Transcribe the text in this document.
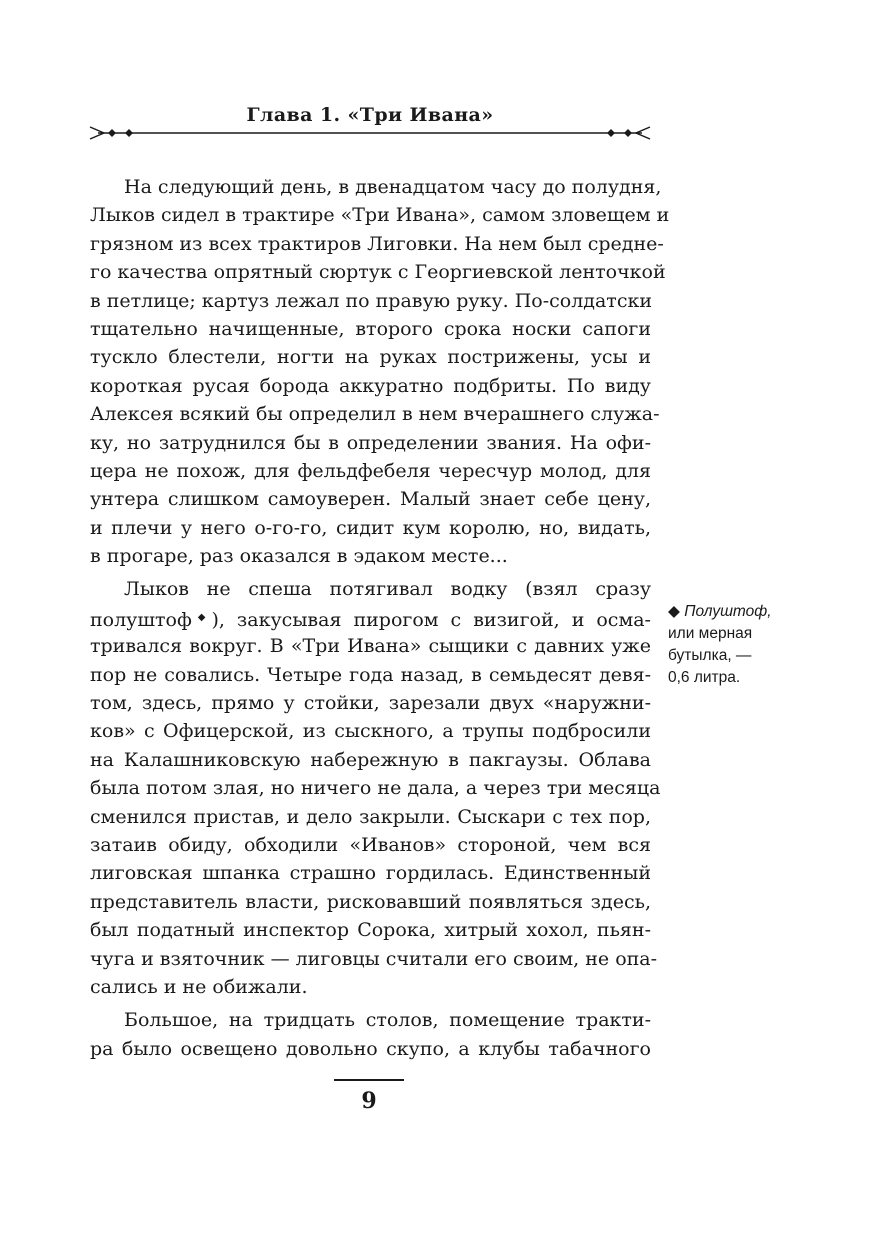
Глава 1. «Три Ивана»
На следующий день, в двенадцатом часу до полудня,
Лыков сидел в трактире «Три Ивана», самом зловещем и
грязном из всех трактиров Лиговки. На нем был средне-
го качества опрятный сюртук с Георгиевской ленточкой
в петлице; картуз лежал по правую руку. По-солдатски
тщательно начищенные, второго срока носки сапоги
тускло блестели, ногти на руках пострижены, усы и
короткая русая борода аккуратно подбриты. По виду
Алексея всякий бы определил в нем вчерашнего служа-
ку, но затруднился бы в определении звания. На офи-
цера не похож, для фельдфебеля чересчур молод, для
унтера слишком самоуверен. Малый знает себе цену,
и плечи у него о-го-го, сидит кум королю, но, видать,
в прогаре, раз оказался в эдаком месте...
Лыков не спеша потягивал водку (взял сразу
полуштоф◆), закусывая пирогом с визигой, и осма-
тривался вокруг. В «Три Ивана» сыщики с давних уже
пор не совались. Четыре года назад, в семьдесят девя-
том, здесь, прямо у стойки, зарезали двух «наружни-
ков» с Офицерской, из сыскного, а трупы подбросили
на Калашниковскую набережную в пакгаузы. Облава
была потом злая, но ничего не дала, а через три месяца
сменился пристав, и дело закрыли. Сыскари с тех пор,
затаив обиду, обходили «Иванов» стороной, чем вся
лиговская шпанка страшно гордилась. Единственный
представитель власти, рисковавший появляться здесь,
был податный инспектор Сорока, хитрый хохол, пьян-
чуга и взяточник — лиговцы считали его своим, не опа-
сались и не обижали.
Большое, на тридцать столов, помещение тракти-
ра было освещено довольно скупо, а клубы табачного
◆ Полуштоф,
или мерная
бутылка, —
0,6 литра.
9
